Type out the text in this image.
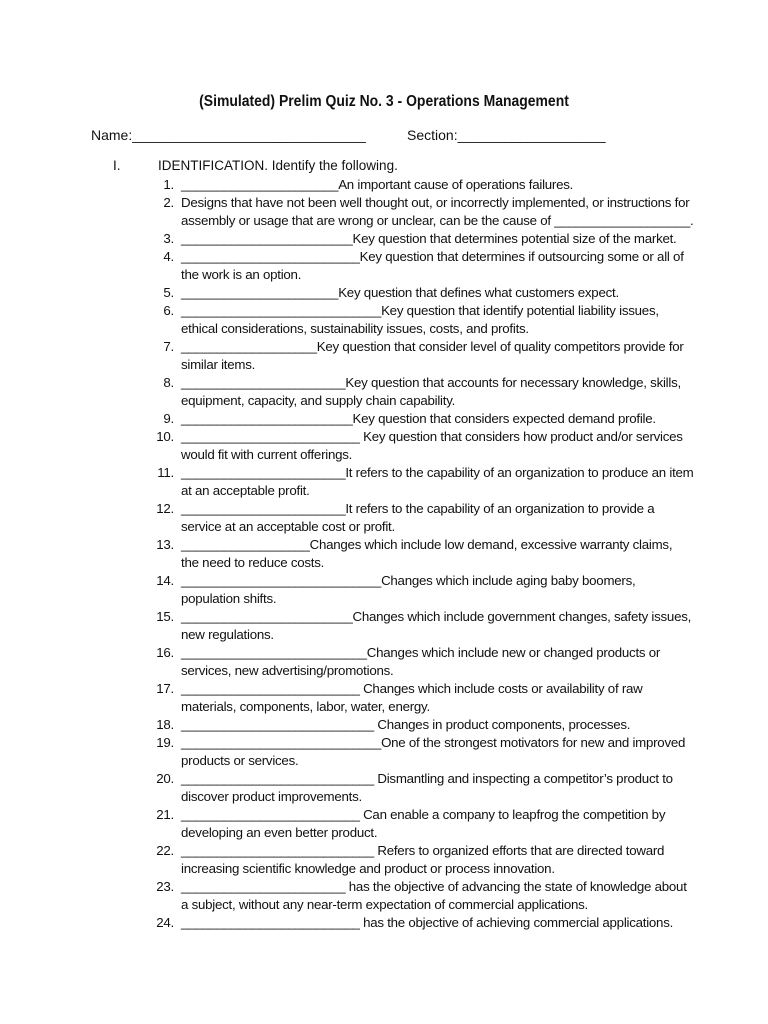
(Simulated) Prelim Quiz No. 3 - Operations Management
Name:______________________________	Section:___________________
I.	IDENTIFICATION. Identify the following.
1. ______________________An important cause of operations failures.
2. Designs that have not been well thought out, or incorrectly implemented, or instructions for
assembly or usage that are wrong or unclear, can be the cause of ___________________.
3. ________________________Key question that determines potential size of the market.
4. _________________________Key question that determines if outsourcing some or all of
the work is an option.
5. ______________________Key question that defines what customers expect.
6. ____________________________Key question that identify potential liability issues,
ethical considerations, sustainability issues, costs, and profits.
7. ___________________Key question that consider level of quality competitors provide for
similar items.
8. _______________________Key question that accounts for necessary knowledge, skills,
equipment, capacity, and supply chain capability.
9. ________________________Key question that considers expected demand profile.
10. _________________________ Key question that considers how product and/or services
would fit with current offerings.
11. _______________________It refers to the capability of an organization to produce an item
at an acceptable profit.
12. _______________________It refers to the capability of an organization to provide a
service at an acceptable cost or profit.
13. __________________Changes which include low demand, excessive warranty claims,
the need to reduce costs.
14. ____________________________Changes which include aging baby boomers,
population shifts.
15. ________________________Changes which include government changes, safety issues,
new regulations.
16. __________________________Changes which include new or changed products or
services, new advertising/promotions.
17. _________________________ Changes which include costs or availability of raw
materials, components, labor, water, energy.
18. ___________________________ Changes in product components, processes.
19. ____________________________One of the strongest motivators for new and improved
products or services.
20. ___________________________ Dismantling and inspecting a competitor’s product to
discover product improvements.
21. _________________________ Can enable a company to leapfrog the competition by
developing an even better product.
22. ___________________________ Refers to organized efforts that are directed toward
increasing scientific knowledge and product or process innovation.
23. _______________________ has the objective of advancing the state of knowledge about
a subject, without any near-term expectation of commercial applications.
24. _________________________ has the objective of achieving commercial applications.
